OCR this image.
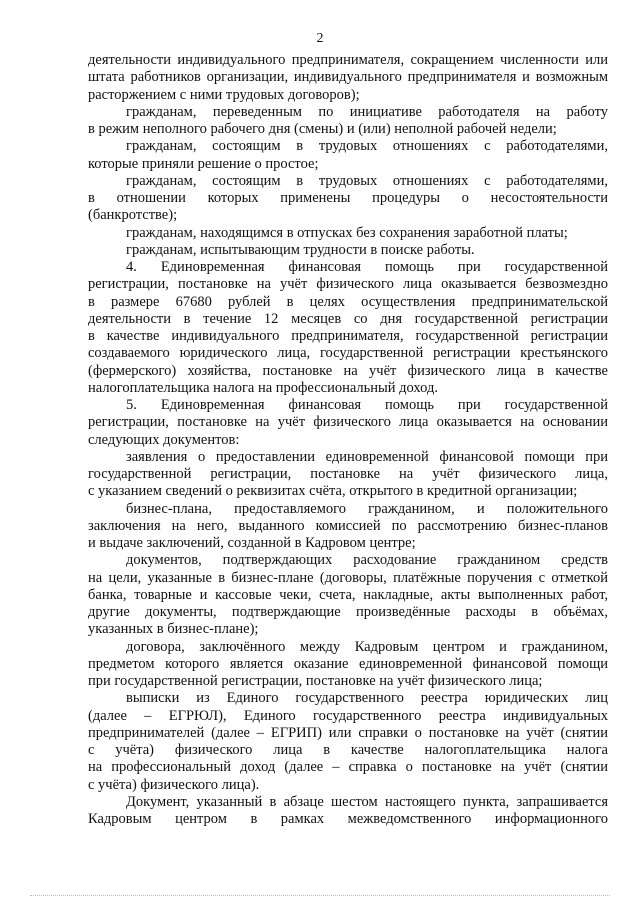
2
деятельности индивидуального предпринимателя, сокращением численности или
штата работников организации, индивидуального предпринимателя и возможным
расторжением с ними трудовых договоров);
гражданам, переведенным по инициативе работодателя на работу
в режим неполного рабочего дня (смены) и (или) неполной рабочей недели;
гражданам, состоящим в трудовых отношениях с работодателями,
которые приняли решение о простое;
гражданам, состоящим в трудовых отношениях с работодателями,
в отношении которых применены процедуры о несостоятельности
(банкротстве);
гражданам, находящимся в отпусках без сохранения заработной платы;
гражданам, испытывающим трудности в поиске работы.
4. Единовременная финансовая помощь при государственной
регистрации, постановке на учёт физического лица оказывается безвозмездно
в размере 67680 рублей в целях осуществления предпринимательской
деятельности в течение 12 месяцев со дня государственной регистрации
в качестве индивидуального предпринимателя, государственной регистрации
создаваемого юридического лица, государственной регистрации крестьянского
(фермерского) хозяйства, постановке на учёт физического лица в качестве
налогоплательщика налога на профессиональный доход.
5. Единовременная финансовая помощь при государственной
регистрации, постановке на учёт физического лица оказывается на основании
следующих документов:
заявления о предоставлении единовременной финансовой помощи при
государственной регистрации, постановке на учёт физического лица,
с указанием сведений о реквизитах счёта, открытого в кредитной организации;
бизнес-плана, предоставляемого гражданином, и положительного
заключения на него, выданного комиссией по рассмотрению бизнес-планов
и выдаче заключений, созданной в Кадровом центре;
документов, подтверждающих расходование гражданином средств
на цели, указанные в бизнес-плане (договоры, платёжные поручения с отметкой
банка, товарные и кассовые чеки, счета, накладные, акты выполненных работ,
другие документы, подтверждающие произведённые расходы в объёмах,
указанных в бизнес-плане);
договора, заключённого между Кадровым центром и гражданином,
предметом которого является оказание единовременной финансовой помощи
при государственной регистрации, постановке на учёт физического лица;
выписки из Единого государственного реестра юридических лиц
(далее – ЕГРЮЛ), Единого государственного реестра индивидуальных
предпринимателей (далее – ЕГРИП) или справки о постановке на учёт (снятии
с учёта) физического лица в качестве налогоплательщика налога
на профессиональный доход (далее – справка о постановке на учёт (снятии
с учёта) физического лица).
Документ, указанный в абзаце шестом настоящего пункта, запрашивается
Кадровым центром в рамках межведомственного информационного
